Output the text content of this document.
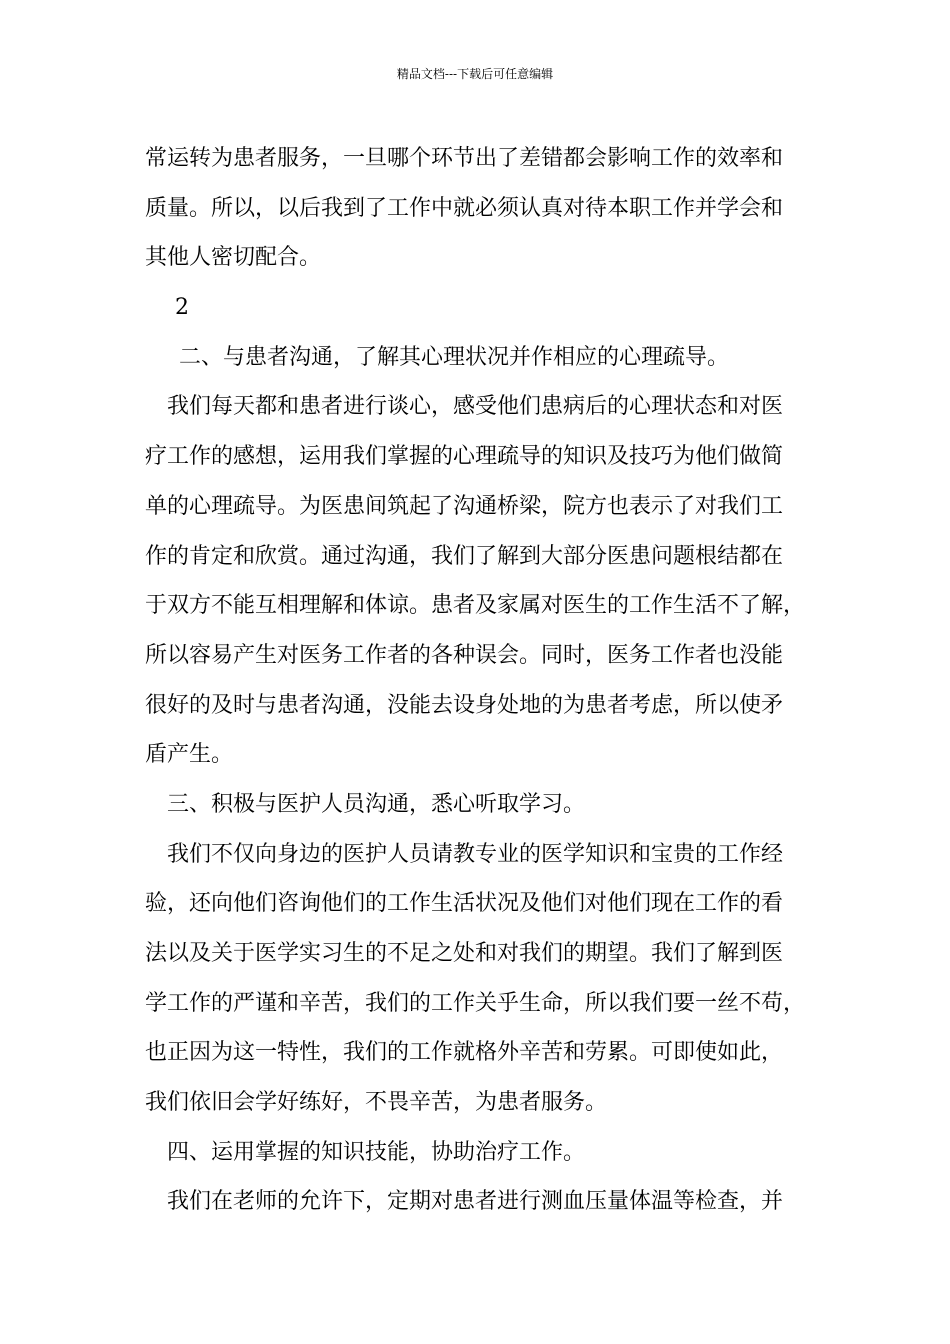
精品文档---下载后可任意编辑
常运转为患者服务，一旦哪个环节出了差错都会影响工作的效率和
质量。所以，以后我到了工作中就必须认真对待本职工作并学会和
其他人密切配合。
2
二、与患者沟通，了解其心理状况并作相应的心理疏导。
我们每天都和患者进行谈心，感受他们患病后的心理状态和对医
疗工作的感想，运用我们掌握的心理疏导的知识及技巧为他们做简
单的心理疏导。为医患间筑起了沟通桥梁，院方也表示了对我们工
作的肯定和欣赏。通过沟通，我们了解到大部分医患问题根结都在
于双方不能互相理解和体谅。患者及家属对医生的工作生活不了解，
所以容易产生对医务工作者的各种误会。同时，医务工作者也没能
很好的及时与患者沟通，没能去设身处地的为患者考虑，所以使矛
盾产生。
三、积极与医护人员沟通，悉心听取学习。
我们不仅向身边的医护人员请教专业的医学知识和宝贵的工作经
验，还向他们咨询他们的工作生活状况及他们对他们现在工作的看
法以及关于医学实习生的不足之处和对我们的期望。我们了解到医
学工作的严谨和辛苦，我们的工作关乎生命，所以我们要一丝不苟，
也正因为这一特性，我们的工作就格外辛苦和劳累。可即使如此，
我们依旧会学好练好，不畏辛苦，为患者服务。
四、运用掌握的知识技能，协助治疗工作。
我们在老师的允许下，定期对患者进行测血压量体温等检查，并
